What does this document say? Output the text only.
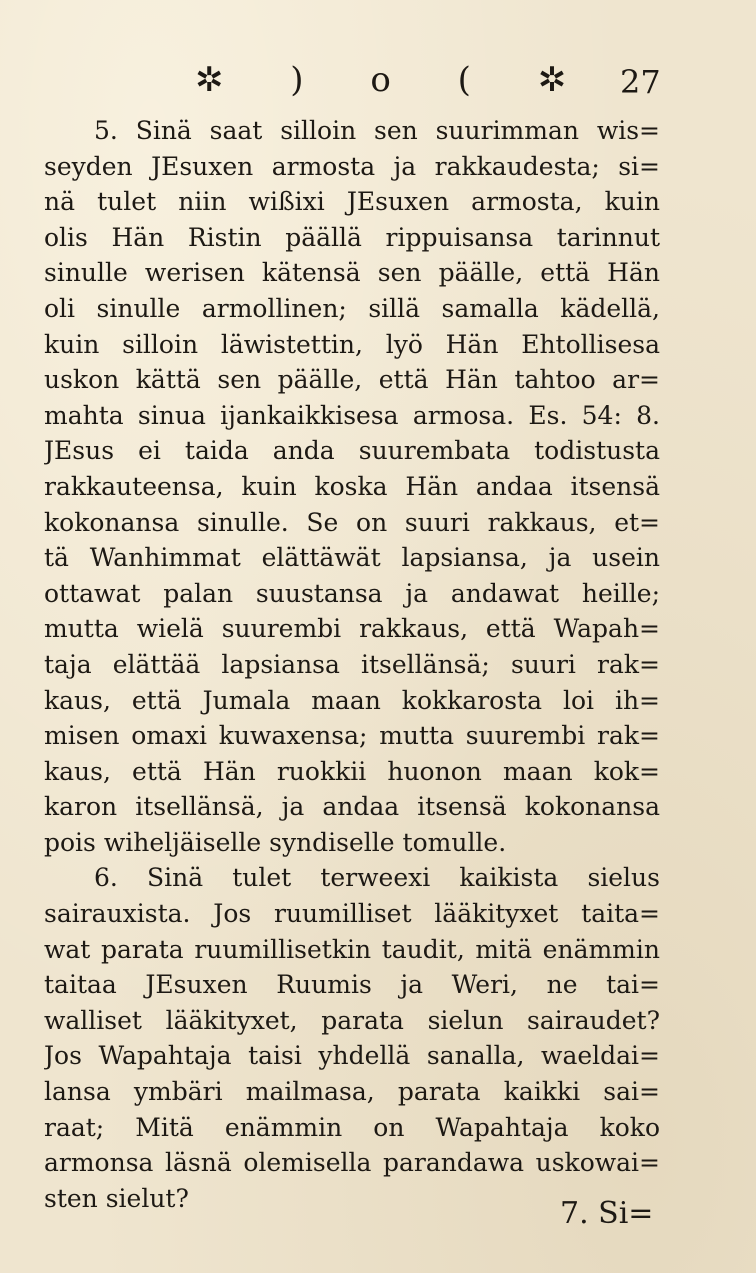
✲ ) o ( ✲ 27
5. Sinä saat silloin sen suurimman wis=
seyden JEsuxen armosta ja rakkaudesta; si=
nä tulet niin wißixi JEsuxen armosta, kuin
olis Hän Ristin päällä rippuisansa tarinnut
sinulle werisen kätensä sen päälle, että Hän
oli sinulle armollinen; sillä samalla kädellä,
kuin silloin läwistettin, lyö Hän Ehtollisesa
uskon kättä sen päälle, että Hän tahtoo ar=
mahta sinua ijankaikkisesa armosa. Es. 54: 8.
JEsus ei taida anda suurembata todistusta
rakkauteensa, kuin koska Hän andaa itsensä
kokonansa sinulle. Se on suuri rakkaus, et=
tä Wanhimmat elättäwät lapsiansa, ja usein
ottawat palan suustansa ja andawat heille;
mutta wielä suurembi rakkaus, että Wapah=
taja elättää lapsiansa itsellänsä; suuri rak=
kaus, että Jumala maan kokkarosta loi ih=
misen omaxi kuwaxensa; mutta suurembi rak=
kaus, että Hän ruokkii huonon maan kok=
karon itsellänsä, ja andaa itsensä kokonansa
pois wiheljäiselle syndiselle tomulle.
6. Sinä tulet terweexi kaikista sielus
sairauxista. Jos ruumilliset lääkityxet taita=
wat parata ruumillisetkin taudit, mitä enämmin
taitaa JEsuxen Ruumis ja Weri, ne tai=
walliset lääkityxet, parata sielun sairaudet?
Jos Wapahtaja taisi yhdellä sanalla, waeldai=
lansa ymbäri mailmasa, parata kaikki sai=
raat; Mitä enämmin on Wapahtaja koko
armonsa läsnä olemisella parandawa uskowai=
sten sielut?	7. Si=
